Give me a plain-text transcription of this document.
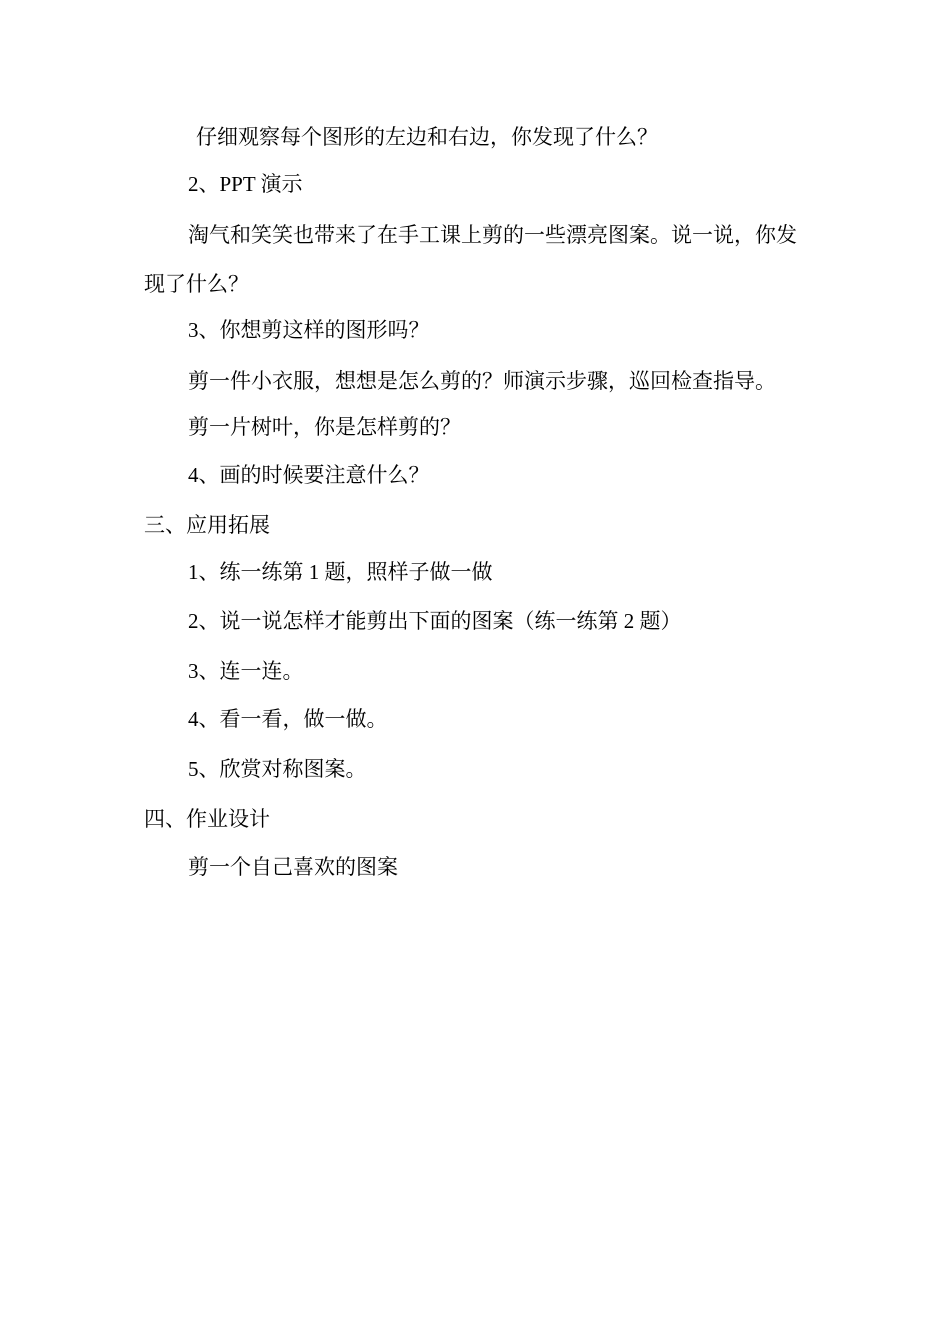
仔细观察每个图形的左边和右边，你发现了什么？
2、PPT 演示
淘气和笑笑也带来了在手工课上剪的一些漂亮图案。说一说，你发
现了什么？
3、你想剪这样的图形吗？
剪一件小衣服，想想是怎么剪的？师演示步骤，巡回检查指导。
剪一片树叶，你是怎样剪的？
4、画的时候要注意什么？
三、应用拓展
1、练一练第 1 题，照样子做一做
2、说一说怎样才能剪出下面的图案（练一练第 2 题）
3、连一连。
4、看一看，做一做。
5、欣赏对称图案。
四、作业设计
剪一个自己喜欢的图案
